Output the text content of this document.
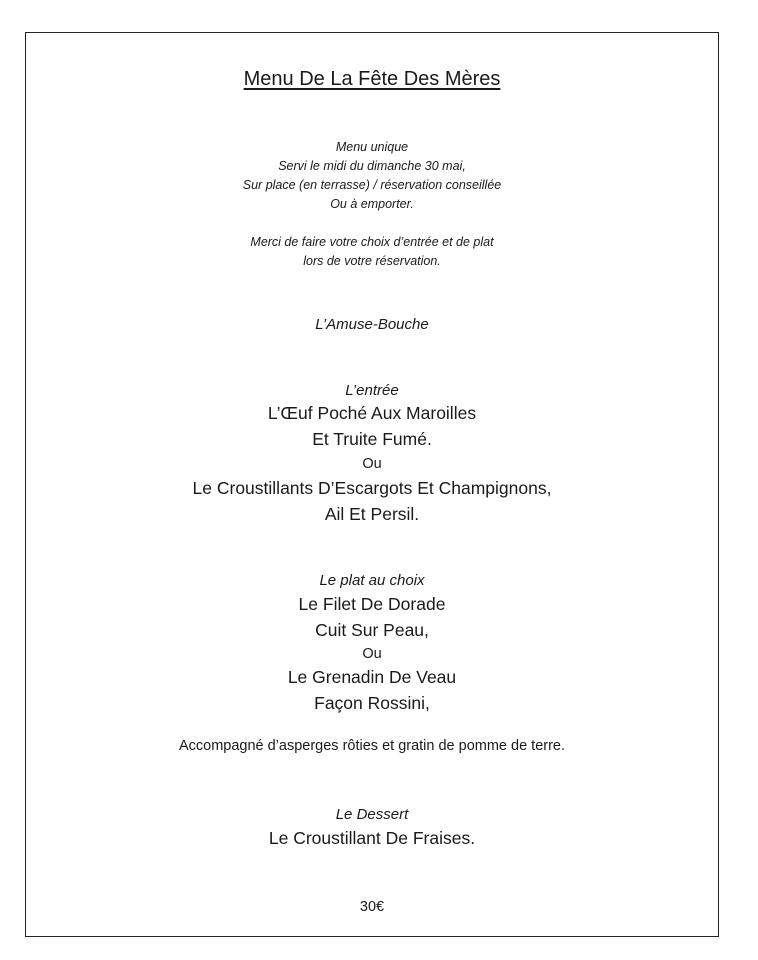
Menu De La Fête Des Mères
Menu unique
Servi le midi du dimanche 30 mai,
Sur place (en terrasse) / réservation conseillée
Ou à emporter.
Merci de faire votre choix d’entrée et de plat
lors de votre réservation.
L’Amuse-Bouche
L’entrée
L’Œuf Poché Aux Maroilles
Et Truite Fumé.
Ou
Le Croustillants D’Escargots Et Champignons,
Ail Et Persil.
Le plat au choix
Le Filet De Dorade
Cuit Sur Peau,
Ou
Le Grenadin De Veau
Façon Rossini,
Accompagné d’asperges rôties et gratin de pomme de terre.
Le Dessert
Le Croustillant De Fraises.
30€
